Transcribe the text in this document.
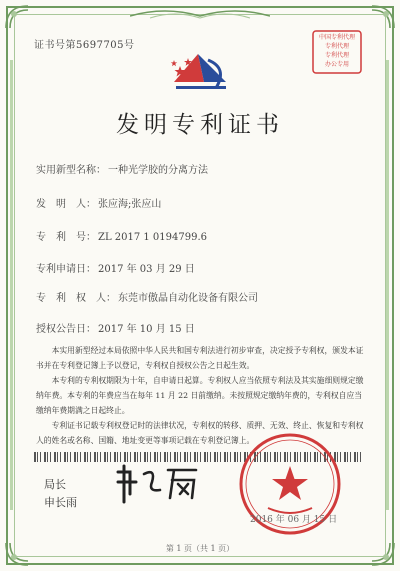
证书号第5697705号
中国专利代理
专利代理
专利代理
办公专用
发明专利证书
实用新型名称： 一种光学胶的分离方法
发　明　人： 张应海;张应山
专　利　号： ZL 2017 1 0194799.6
专利申请日： 2017 年 03 月 29 日
专　利　权　人： 东莞市傲晶自动化设备有限公司
授权公告日： 2017 年 10 月 15 日

本实用新型经过本局依照中华人民共和国专利法进行初步审查，决定授予专利权，颁发本证书并在专利登记簿上予以登记，专利权自授权公告之日起生效。

本专利的专利权期限为十年，自申请日起算。专利权人应当依照专利法及其实施细则规定缴纳年费。本专利的年费应当在每年 11 月 22 日前缴纳。未按照规定缴纳年费的，专利权自应当缴纳年费期满之日起终止。

专利证书记载专利权登记时的法律状况，专利权的转移、质押、无效、终止、恢复和专利权人的姓名或名称、国籍、地址变更等事项记载在专利登记簿上。

局长
申长雨
2016 年 06 月 15 日
第 1 页（共 1 页）
